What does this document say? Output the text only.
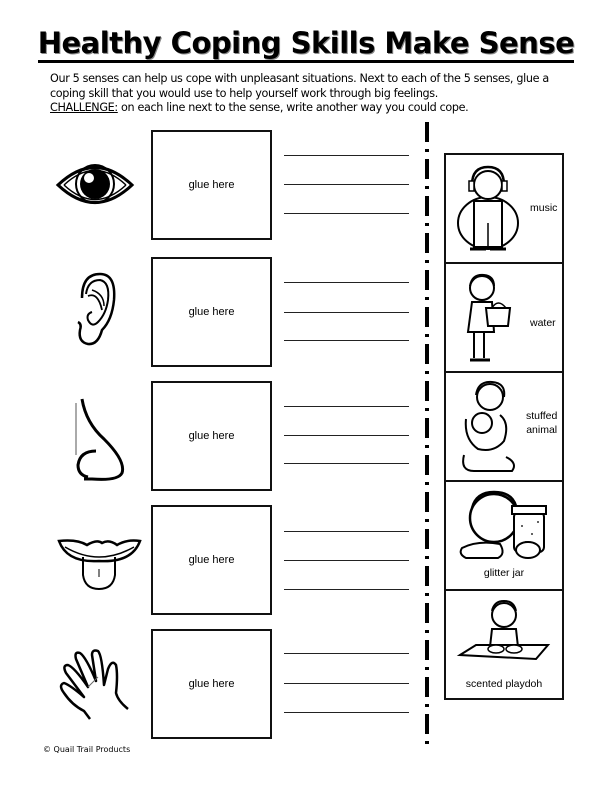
Healthy Coping Skills Make Sense
Our 5 senses can help us cope with unpleasant situations. Next to each of the 5 senses, glue a
coping skill that you would use to help yourself work through big feelings.
CHALLENGE: on each line next to the sense, write another way you could cope.
glue here
glue here
glue here
glue here
glue here
music
water
stuffed
animal
glitter jar
scented playdoh
© Quail Trail Products
